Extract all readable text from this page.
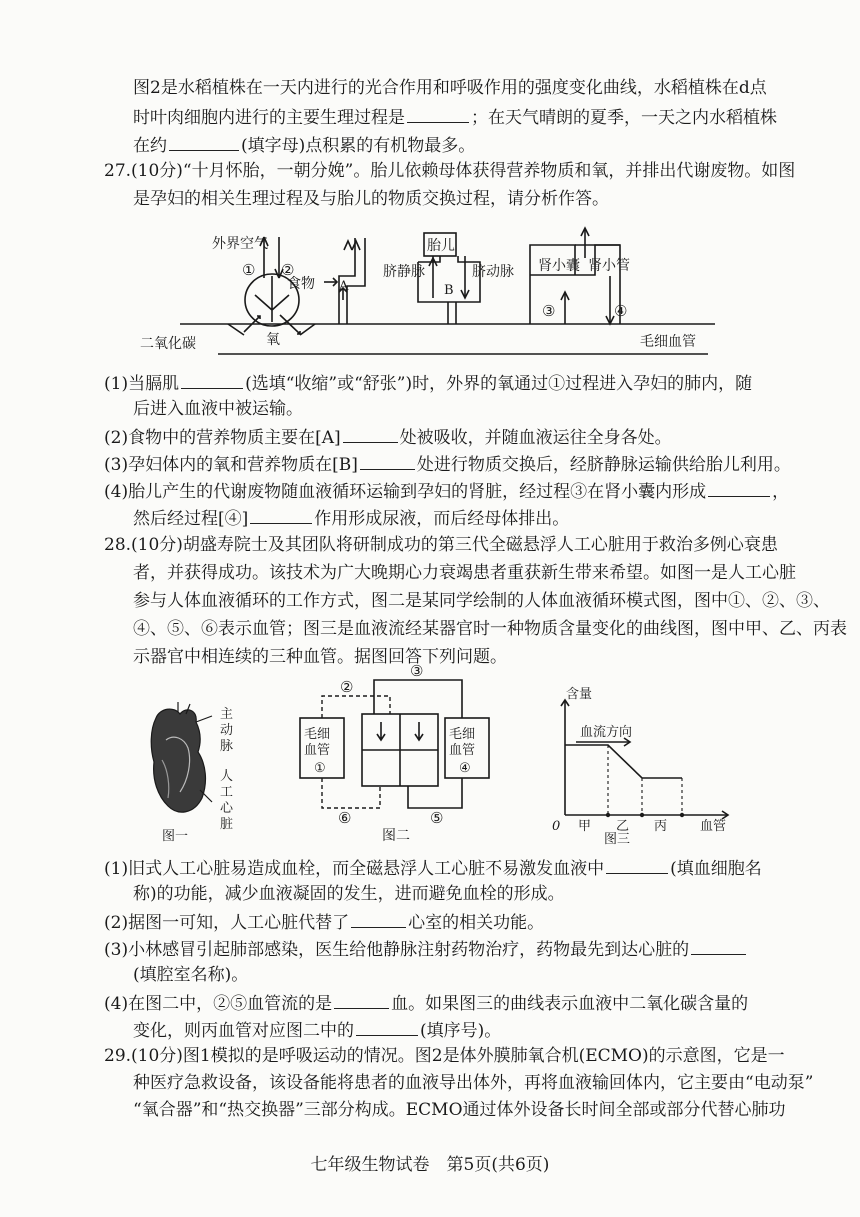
图2是水稻植株在一天内进行的光合作用和呼吸作用的强度变化曲线，水稻植株在d点
时叶肉细胞内进行的主要生理过程是	；在天气晴朗的夏季，一天之内水稻植株
在约	(填字母)点积累的有机物最多。
27.(10分)“十月怀胎，一朝分娩”。胎儿依赖母体获得营养物质和氧，并排出代谢废物。如图
是孕妇的相关生理过程及与胎儿的物质交换过程，请分析作答。
外界空气
① ②
食物 A
胎儿
脐静脉	脐动脉
B
肾小囊 肾小管
③	④
二氧化碳	氧	毛细血管
(1)当膈肌	(选填“收缩”或“舒张”)时，外界的氧通过①过程进入孕妇的肺内，随
后进入血液中被运输。
(2)食物中的营养物质主要在[A]	处被吸收，并随血液运往全身各处。
(3)孕妇体内的氧和营养物质在[B]	处进行物质交换后，经脐静脉运输供给胎儿利用。
(4)胎儿产生的代谢废物随血液循环运输到孕妇的肾脏，经过程③在肾小囊内形成	，
然后经过程[④]	作用形成尿液，而后经母体排出。
28.(10分)胡盛寿院士及其团队将研制成功的第三代全磁悬浮人工心脏用于救治多例心衰患
者，并获得成功。该技术为广大晚期心力衰竭患者重获新生带来希望。如图一是人工心脏
参与人体血液循环的工作方式，图二是某同学绘制的人体血液循环模式图，图中①、②、③、
④、⑤、⑥表示血管；图三是血液流经某器官时一种物质含量变化的曲线图，图中甲、乙、丙表
示器官中相连续的三种血管。据图回答下列问题。
主
动
脉
人
工
心
脏
图一
③
②
⑥	⑤
毛细
血管
①
毛细
血管
④
图二
含量
血流方向
0 甲 乙 丙	血管
图三
(1)旧式人工心脏易造成血栓，而全磁悬浮人工心脏不易激发血液中	(填血细胞名
称)的功能，减少血液凝固的发生，进而避免血栓的形成。
(2)据图一可知，人工心脏代替了	心室的相关功能。
(3)小林感冒引起肺部感染，医生给他静脉注射药物治疗，药物最先到达心脏的
(填腔室名称)。
(4)在图二中，②⑤血管流的是	血。如果图三的曲线表示血液中二氧化碳含量的
变化，则丙血管对应图二中的	(填序号)。
29.(10分)图1模拟的是呼吸运动的情况。图2是体外膜肺氧合机(ECMO)的示意图，它是一
种医疗急救设备，该设备能将患者的血液导出体外，再将血液输回体内，它主要由“电动泵”
“氧合器”和“热交换器”三部分构成。ECMO通过体外设备长时间全部或部分代替心肺功
七年级生物试卷　第5页(共6页)
